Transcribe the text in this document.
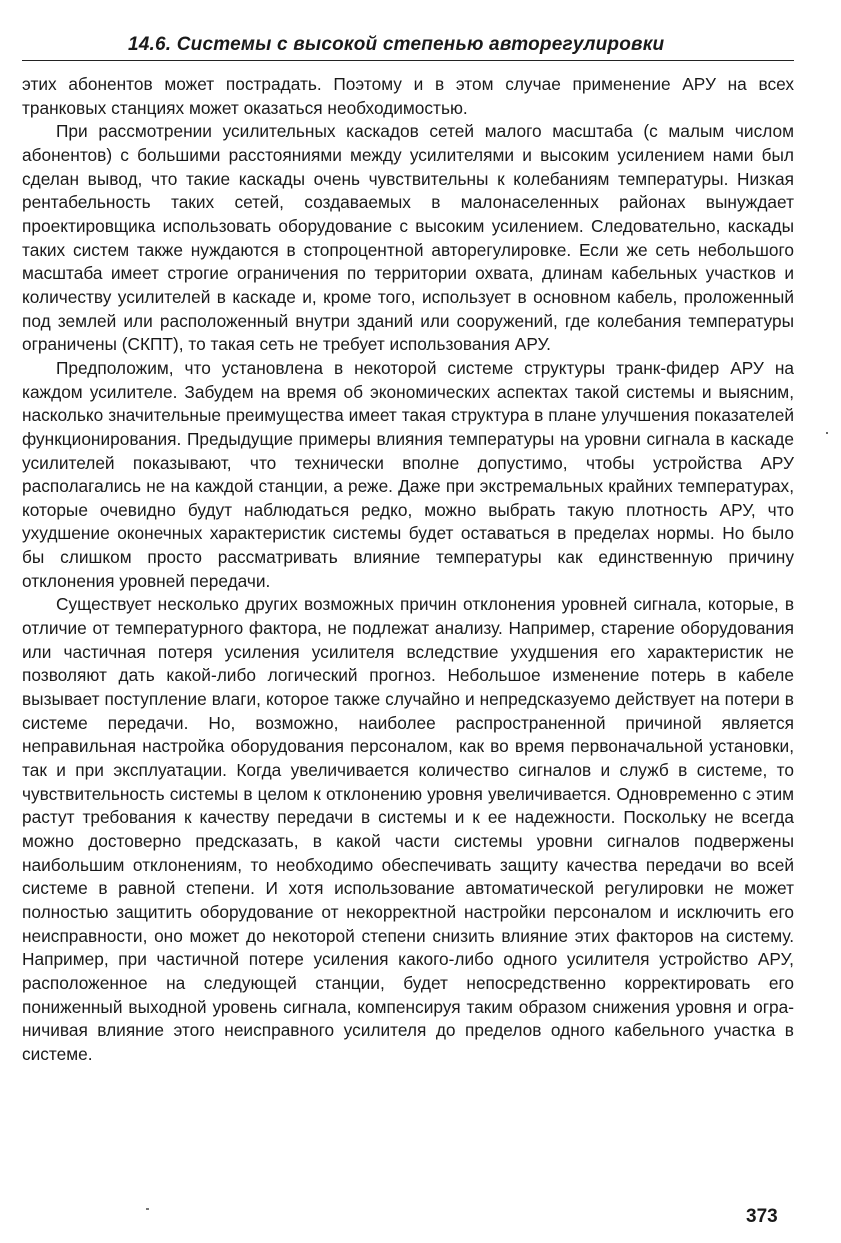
14.6. Системы с высокой степенью авторегулировки

этих абонентов может пострадать. Поэтому и в этом случае применение АРУ на всех транковых станциях может оказаться необходимостью.

При рассмотрении усилительных каскадов сетей малого масштаба (с малым числом абонентов) с большими расстояниями между усилителями и высоким усилением нами был сделан вывод, что такие каскады очень чувствительны к колебаниям температуры. Низкая рентабельность таких сетей, создаваемых в малонаселенных районах вынуждает проектировщика использовать оборудование с высоким усилением. Следовательно, каскады таких систем также нуждаются в стопроцентной авторегулировке. Если же сеть небольшого масштаба имеет строгие ограничения по территории охвата, длинам кабельных участков и количеству усилителей в каскаде и, кроме того, использует в основном кабель, проложенный под землей или расположенный внутри зданий или сооружений, где колебания температуры ограничены (СКПТ), то такая сеть не требует использования АРУ.

Предположим, что установлена в некоторой системе структуры транк-фидер АРУ на каждом усилителе. Забудем на время об экономических аспектах такой системы и выясним, насколько значительные преимущества имеет такая структура в плане улучшения показателей функционирования. Предыдущие примеры влияния температуры на уровни сигнала в каскаде усилителей показывают, что технически вполне допустимо, чтобы устройства АРУ располагались не на каждой станции, а реже. Даже при экстремальных крайних температурах, которые очевидно будут наблюдаться редко, можно выбрать такую плотность АРУ, что ухудшение оконечных характеристик системы будет оставаться в пределах нормы. Но было бы слишком просто рассматривать влияние температуры как единственную причину отклонения уровней передачи.

Существует несколько других возможных причин отклонения уровней сигнала, которые, в отличие от температурного фактора, не подлежат анализу. Например, старение оборудования или частичная потеря усиления усилителя вследствие ухудшения его характеристик не позволяют дать какой-либо логический прогноз. Небольшое изменение потерь в кабеле вызывает поступление влаги, которое также случайно и непредсказуемо действует на потери в системе передачи. Но, возможно, наиболее распространенной причиной является неправильная настройка оборудования персоналом, как во время первоначальной установки, так и при эксплуатации. Когда увеличивается количество сигналов и служб в системе, то чувствительность системы в целом к отклонению уровня увеличивается. Одновременно с этим растут требования к качеству передачи в системы и к ее надежности. Поскольку не всегда можно достоверно предсказать, в какой части системы уровни сигналов подвержены наибольшим отклонениям, то необходимо обеспечивать защиту качества передачи во всей системе в равной степени. И хотя использование автоматической регулировки не может полностью защитить оборудование от некорректной настройки персоналом и исключить его неисправности, оно может до некоторой степени снизить влияние этих факторов на систему. Например, при частичной потере усиления какого-либо одного усилителя устройство АРУ, расположенное на следующей станции, будет непосредственно корректировать его пониженный выходной уровень сигнала, компенсируя таким образом снижения уровня и ограничивая влияние этого неисправного усилителя до пределов одного кабельного участка в системе.

373
